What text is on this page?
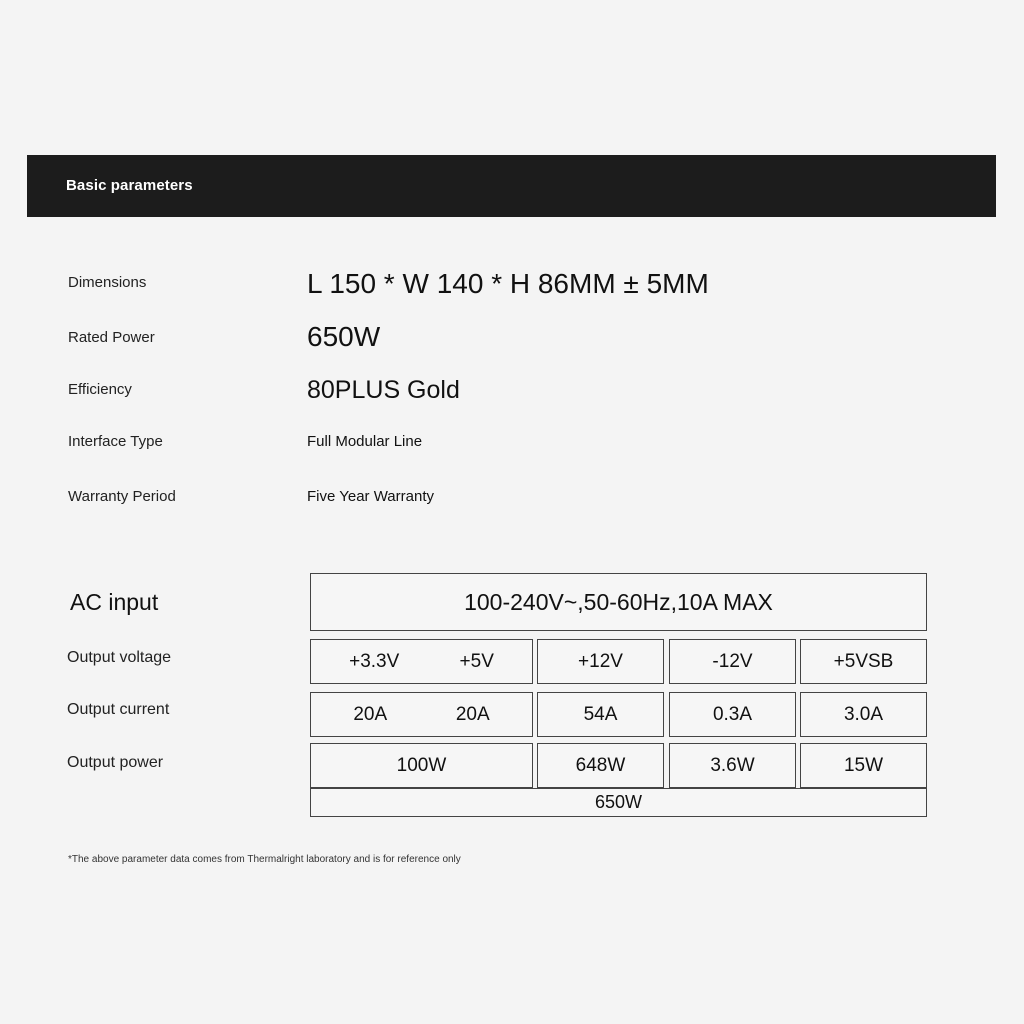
Basic parameters
Dimensions	L 150 * W 140 * H 86MM ± 5MM
Rated Power	650W
Efficiency	80PLUS Gold
Interface Type	Full Modular Line
Warranty Period	Five Year Warranty
AC input	100-240V~,50-60Hz,10A MAX
Output voltage	+3.3V	+5V	+12V	-12V	+5VSB
Output current	20A	20A	54A	0.3A	3.0A
Output power	100W	648W	3.6W	15W
650W
*The above parameter data comes from Thermalright laboratory and is for reference only
